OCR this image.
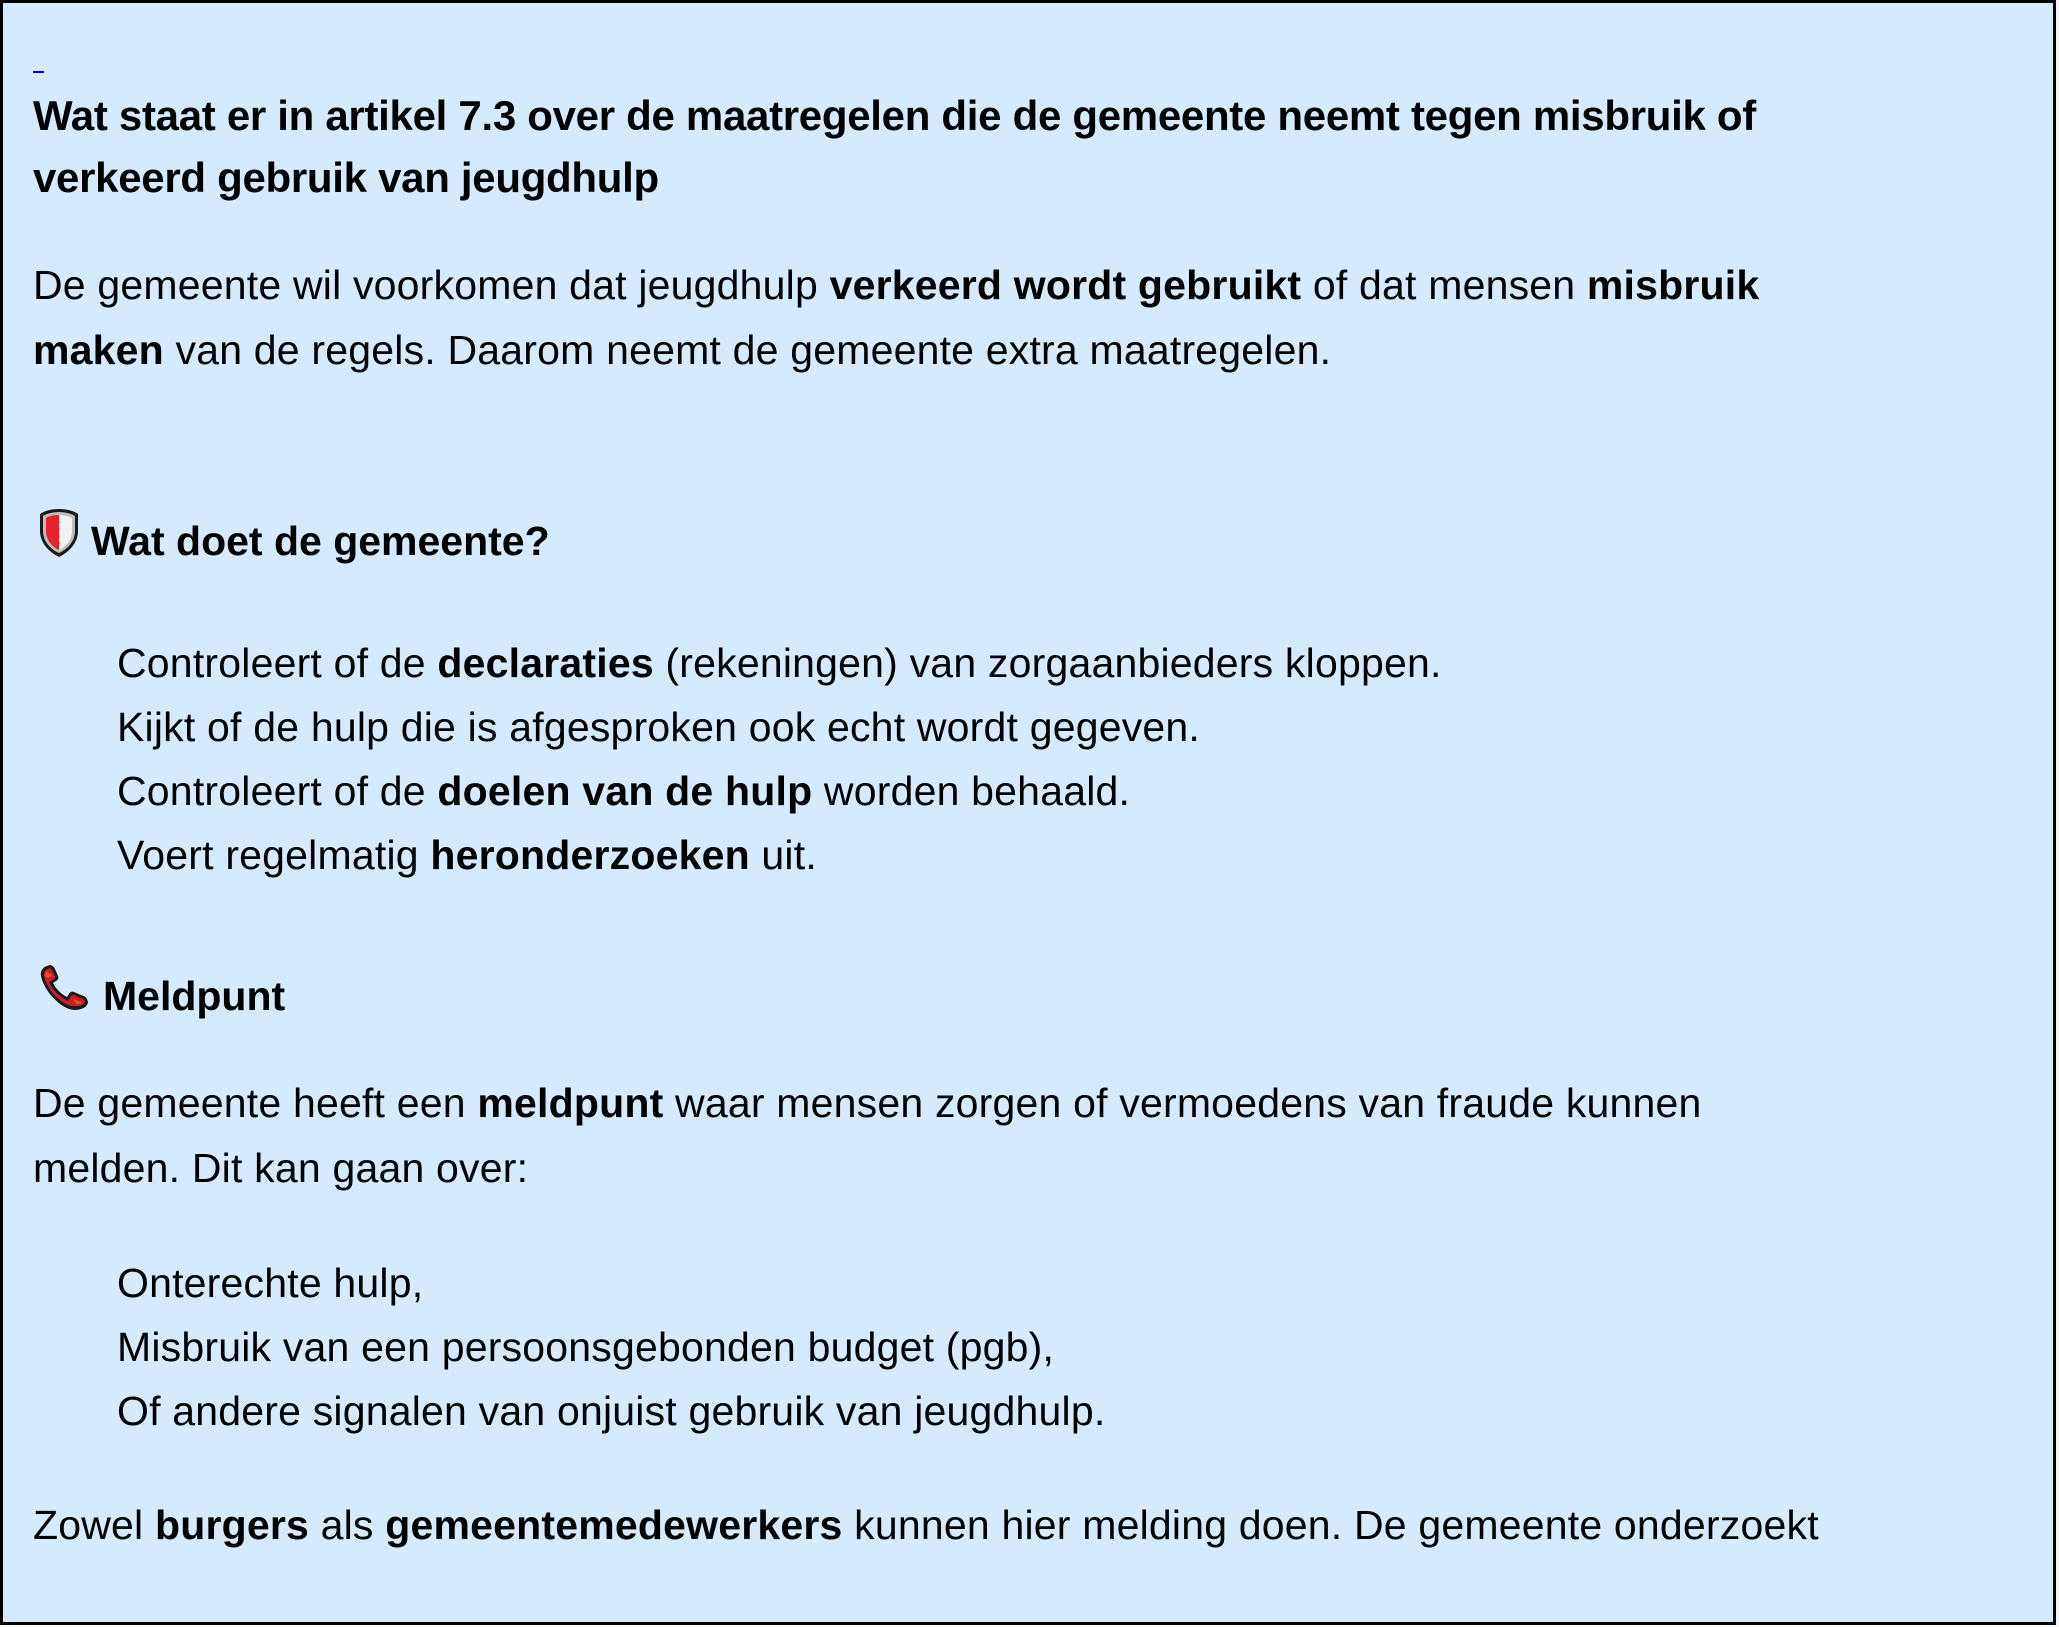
Wat staat er in artikel 7.3 over de maatregelen die de gemeente neemt tegen misbruik of
verkeerd gebruik van jeugdhulp
De gemeente wil voorkomen dat jeugdhulp verkeerd wordt gebruikt of dat mensen misbruik
maken van de regels. Daarom neemt de gemeente extra maatregelen.
Wat doet de gemeente?
Controleert of de declaraties (rekeningen) van zorgaanbieders kloppen.
Kijkt of de hulp die is afgesproken ook echt wordt gegeven.
Controleert of de doelen van de hulp worden behaald.
Voert regelmatig heronderzoeken uit.
Meldpunt
De gemeente heeft een meldpunt waar mensen zorgen of vermoedens van fraude kunnen
melden. Dit kan gaan over:
Onterechte hulp,
Misbruik van een persoonsgebonden budget (pgb),
Of andere signalen van onjuist gebruik van jeugdhulp.
Zowel burgers als gemeentemedewerkers kunnen hier melding doen. De gemeente onderzoekt
